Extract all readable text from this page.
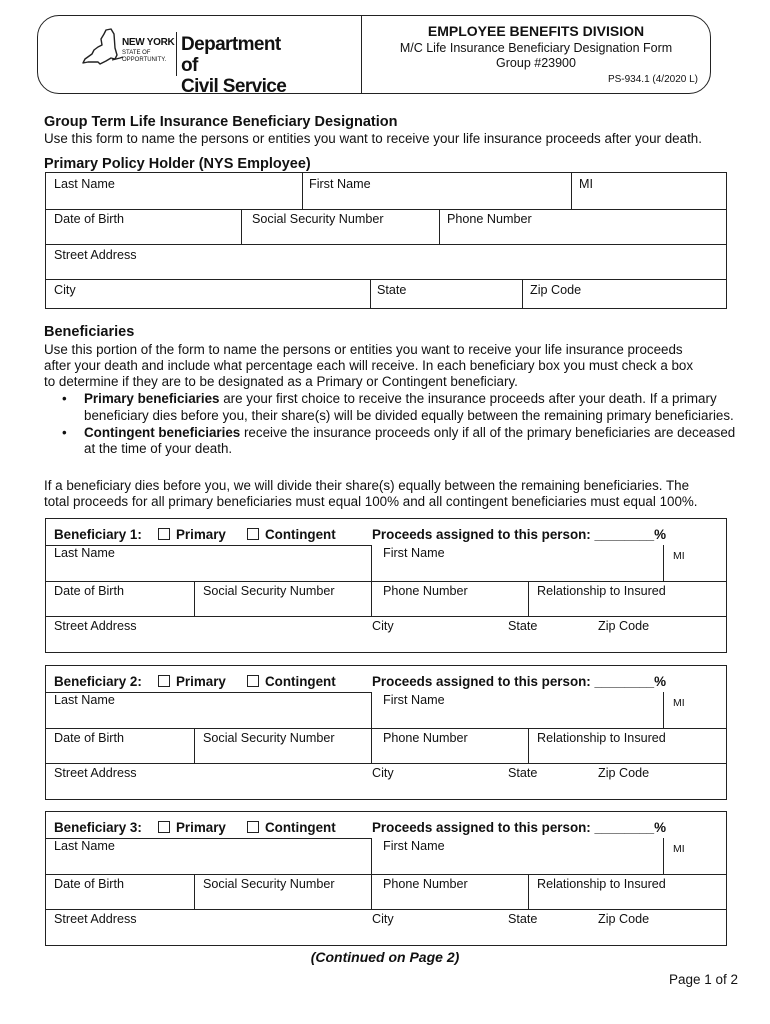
NEW YORK
STATE OF
OPPORTUNITY.
Department of
Civil Service
EMPLOYEE BENEFITS DIVISION
M/C Life Insurance Beneficiary Designation Form
Group #23900
PS-934.1 (4/2020 L)
Group Term Life Insurance Beneficiary Designation
Use this form to name the persons or entities you want to receive your life insurance proceeds after your death.
Primary Policy Holder (NYS Employee)
Last Name	First Name	MI
Date of Birth	Social Security Number	Phone Number
Street Address
City	State	Zip Code
Beneficiaries
Use this portion of the form to name the persons or entities you want to receive your life insurance proceeds
after your death and include what percentage each will receive. In each beneficiary box you must check a box
to determine if they are to be designated as a Primary or Contingent beneficiary.
• Primary beneficiaries are your first choice to receive the insurance proceeds after your death. If a primary beneficiary dies before you, their share(s) will be divided equally between the remaining primary beneficiaries.
• Contingent beneficiaries receive the insurance proceeds only if all of the primary beneficiaries are deceased at the time of your death.
If a beneficiary dies before you, we will divide their share(s) equally between the remaining beneficiaries. The
total proceeds for all primary beneficiaries must equal 100% and all contingent beneficiaries must equal 100%.
Beneficiary 1:	Primary	Contingent	Proceeds assigned to this person: ________%
Last Name	First Name	MI
Date of Birth	Social Security Number	Phone Number	Relationship to Insured
Street Address	City	State	Zip Code
Beneficiary 2:	Primary	Contingent	Proceeds assigned to this person: ________%
Last Name	First Name	MI
Date of Birth	Social Security Number	Phone Number	Relationship to Insured
Street Address	City	State	Zip Code
Beneficiary 3:	Primary	Contingent	Proceeds assigned to this person: ________%
Last Name	First Name	MI
Date of Birth	Social Security Number	Phone Number	Relationship to Insured
Street Address	City	State	Zip Code
(Continued on Page 2)
Page 1 of 2
